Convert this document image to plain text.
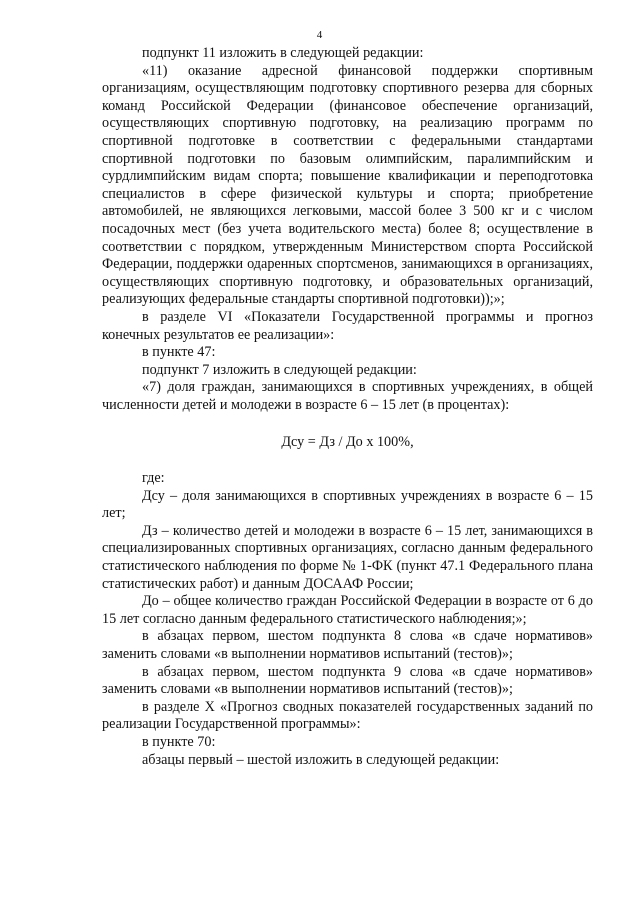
4

подпункт 11 изложить в следующей редакции:

«11) оказание адресной финансовой поддержки спортивным организациям, осуществляющим подготовку спортивного резерва для сборных команд Российской Федерации (финансовое обеспечение организаций, осуществляющих спортивную подготовку, на реализацию программ по спортивной подготовке в соответствии с федеральными стандартами спортивной подготовки по базовым олимпийским, паралимпийским и сурдлимпийским видам спорта; повышение квалификации и переподготовка специалистов в сфере физической культуры и спорта; приобретение автомобилей, не являющихся легковыми, массой более 3 500 кг и с числом посадочных мест (без учета водительского места) более 8; осуществление в соответствии с порядком, утвержденным Министерством спорта Российской Федерации, поддержки одаренных спортсменов, занимающихся в организациях, осуществляющих спортивную подготовку, и образовательных организаций, реализующих федеральные стандарты спортивной подготовки));»;

в разделе VI «Показатели Государственной программы и прогноз конечных результатов ее реализации»:

в пункте 47:

подпункт 7 изложить в следующей редакции:

«7) доля граждан, занимающихся в спортивных учреждениях, в общей численности детей и молодежи в возрасте 6 – 15 лет (в процентах):

Дсу = Дз / До х 100%,

где:

Дсу – доля занимающихся в спортивных учреждениях в возрасте 6 – 15 лет;

Дз – количество детей и молодежи в возрасте 6 – 15 лет, занимающихся в специализированных спортивных организациях, согласно данным федерального статистического наблюдения по форме № 1-ФК (пункт 47.1 Федерального плана статистических работ) и данным ДОСААФ России;

До – общее количество граждан Российской Федерации в возрасте от 6 до 15 лет согласно данным федерального статистического наблюдения;»;

в абзацах первом, шестом подпункта 8 слова «в сдаче нормативов» заменить словами «в выполнении нормативов испытаний (тестов)»;

в абзацах первом, шестом подпункта 9 слова «в сдаче нормативов» заменить словами «в выполнении нормативов испытаний (тестов)»;

в разделе X «Прогноз сводных показателей государственных заданий по реализации Государственной программы»:

в пункте 70:

абзацы первый – шестой изложить в следующей редакции:
